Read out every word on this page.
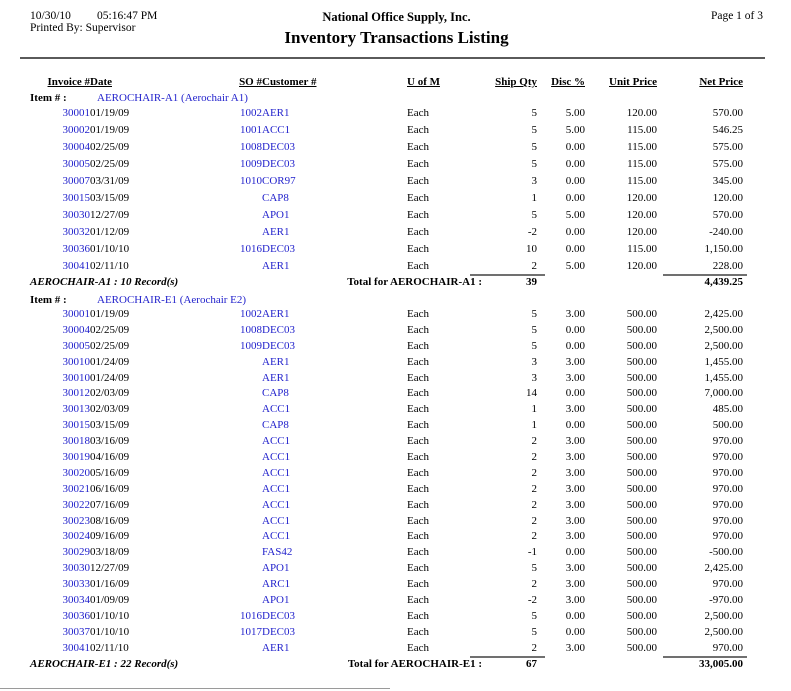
10/30/10	05:16:47 PM	National Office Supply, Inc.	Page 1 of 3
Printed By: Supervisor	Inventory Transactions Listing
Invoice #	Date	SO #	Customer #	U of M	Ship Qty	Disc %	Unit Price	Net Price
Item # : AEROCHAIR-A1 (Aerochair A1)								
30001	01/19/09	1002	AER1	Each	5	5.00	120.00	570.00
30002	01/19/09	1001	ACC1	Each	5	5.00	115.00	546.25
30004	02/25/09	1008	DEC03	Each	5	0.00	115.00	575.00
30005	02/25/09	1009	DEC03	Each	5	0.00	115.00	575.00
30007	03/31/09	1010	COR97	Each	3	0.00	115.00	345.00
30015	03/15/09		CAP8	Each	1	0.00	120.00	120.00
30030	12/27/09		APO1	Each	5	5.00	120.00	570.00
30032	01/12/09		AER1	Each	-2	0.00	120.00	-240.00
30036	01/10/10	1016	DEC03	Each	10	0.00	115.00	1,150.00
30041	02/11/10		AER1	Each	2	5.00	120.00	228.00
AEROCHAIR-A1 : 10 Record(s)			Total for AEROCHAIR-A1 :		39			4,439.25
Item # : AEROCHAIR-E1 (Aerochair E2)								
30001	01/19/09	1002	AER1	Each	5	3.00	500.00	2,425.00
30004	02/25/09	1008	DEC03	Each	5	0.00	500.00	2,500.00
30005	02/25/09	1009	DEC03	Each	5	0.00	500.00	2,500.00
30010	01/24/09		AER1	Each	3	3.00	500.00	1,455.00
30010	01/24/09		AER1	Each	3	3.00	500.00	1,455.00
30012	02/03/09		CAP8	Each	14	0.00	500.00	7,000.00
30013	02/03/09		ACC1	Each	1	3.00	500.00	485.00
30015	03/15/09		CAP8	Each	1	0.00	500.00	500.00
30018	03/16/09		ACC1	Each	2	3.00	500.00	970.00
30019	04/16/09		ACC1	Each	2	3.00	500.00	970.00
30020	05/16/09		ACC1	Each	2	3.00	500.00	970.00
30021	06/16/09		ACC1	Each	2	3.00	500.00	970.00
30022	07/16/09		ACC1	Each	2	3.00	500.00	970.00
30023	08/16/09		ACC1	Each	2	3.00	500.00	970.00
30024	09/16/09		ACC1	Each	2	3.00	500.00	970.00
30029	03/18/09		FAS42	Each	-1	0.00	500.00	-500.00
30030	12/27/09		APO1	Each	5	3.00	500.00	2,425.00
30033	01/16/09		ARC1	Each	2	3.00	500.00	970.00
30034	01/09/09		APO1	Each	-2	3.00	500.00	-970.00
30036	01/10/10	1016	DEC03	Each	5	0.00	500.00	2,500.00
30037	01/10/10	1017	DEC03	Each	5	0.00	500.00	2,500.00
30041	02/11/10		AER1	Each	2	3.00	500.00	970.00
AEROCHAIR-E1 : 22 Record(s)			Total for AEROCHAIR-E1 :		67			33,005.00
